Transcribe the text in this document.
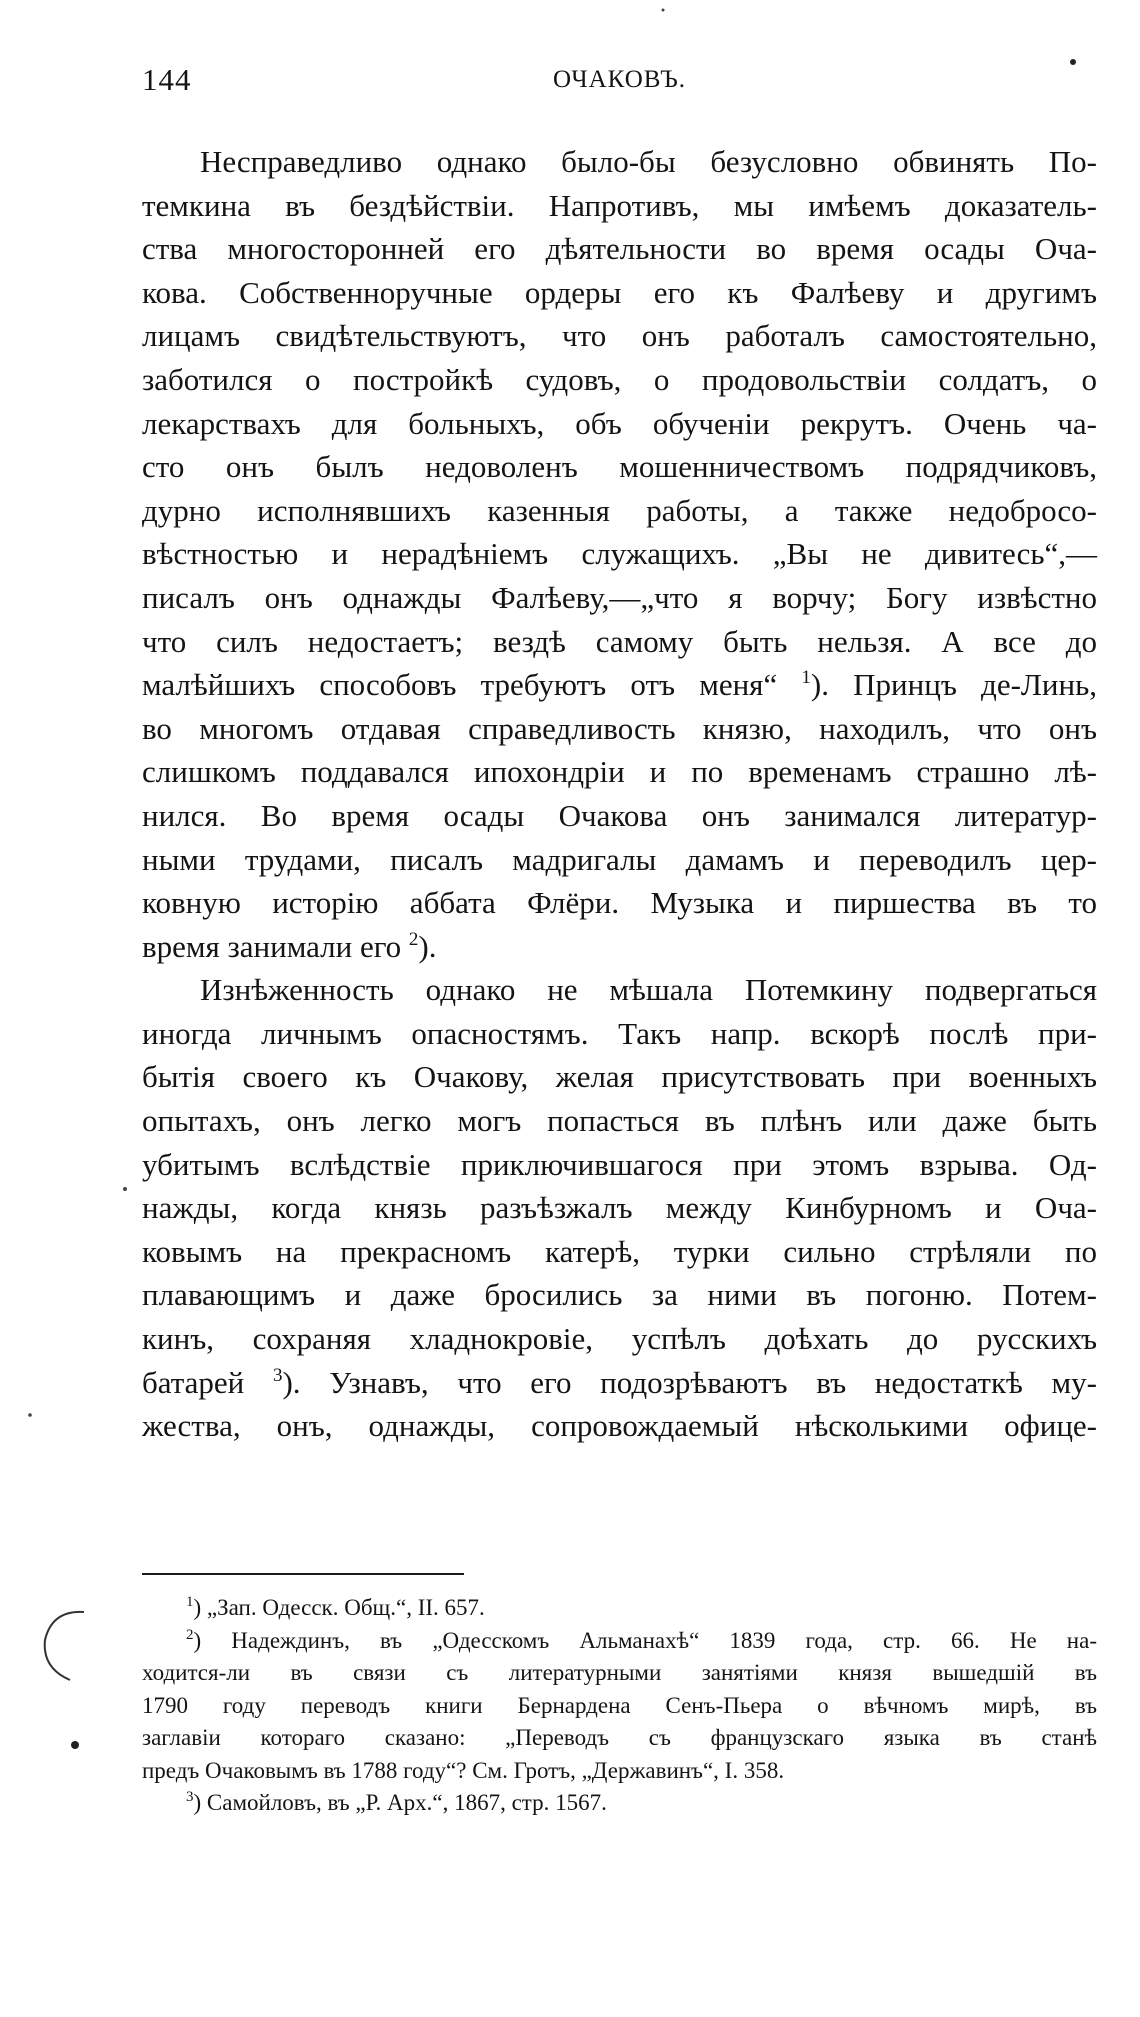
144	ОЧАКОВЪ.
Несправедливо однако было-бы безусловно обвинять По-
темкина въ бездѣйствіи. Напротивъ, мы имѣемъ доказатель-
ства многосторонней его дѣятельности во время осады Оча-
кова. Собственноручные ордеры его къ Фалѣеву и другимъ
лицамъ свидѣтельствуютъ, что онъ работалъ самостоятельно,
заботился о постройкѣ судовъ, о продовольствіи солдатъ, о
лекарствахъ для больныхъ, объ обученіи рекрутъ. Очень ча-
сто онъ былъ недоволенъ мошенничествомъ подрядчиковъ,
дурно исполнявшихъ казенныя работы, а также недобросо-
вѣстностью и нерадѣніемъ служащихъ. „Вы не дивитесь“,—
писалъ онъ однажды Фалѣеву,—„что я ворчу; Богу извѣстно
что силъ недостаетъ; вездѣ самому быть нельзя. А все до
малѣйшихъ способовъ требуютъ отъ меня“ $^1$). Принцъ де-Линь,
во многомъ отдавая справедливость князю, находилъ, что онъ
слишкомъ поддавался ипохондріи и по временамъ страшно лѣ-
нился. Во время осады Очакова онъ занимался литератур-
ными трудами, писалъ мадригалы дамамъ и переводилъ цер-
ковную исторію аббата Флёри. Музыка и пиршества въ то
время занимали его $^2$).
Изнѣженность однако не мѣшала Потемкину подвергаться
иногда личнымъ опасностямъ. Такъ напр. вскорѣ послѣ при-
бытія своего къ Очакову, желая присутствовать при военныхъ
опытахъ, онъ легко могъ попасться въ плѣнъ или даже быть
убитымъ вслѣдствіе приключившагося при этомъ взрыва. Од-
нажды, когда князь разъѣзжалъ между Кинбурномъ и Оча-
ковымъ на прекрасномъ катерѣ, турки сильно стрѣляли по
плавающимъ и даже бросились за ними въ погоню. Потем-
кинъ, сохраняя хладнокровіе, успѣлъ доѣхать до русскихъ
батарей $^3$). Узнавъ, что его подозрѣваютъ въ недостаткѣ му-
жества, онъ, однажды, сопровождаемый нѣсколькими офице-
$^1$) „Зап. Одесск. Общ.“, II. 657.
$^2$) Надеждинъ, въ „Одесскомъ Альманахѣ“ 1839 года, стр. 66. Не на-
ходится-ли въ связи съ литературными занятіями князя вышедшій въ
1790 году переводъ книги Бернардена Сенъ-Пьера о вѣчномъ мирѣ, въ
заглавіи котораго сказано: „Переводъ съ французскаго языка въ станѣ
предъ Очаковымъ въ 1788 году“? См. Гротъ, „Державинъ“, I. 358.
$^3$) Самойловъ, въ „Р. Арх.“, 1867, стр. 1567.
